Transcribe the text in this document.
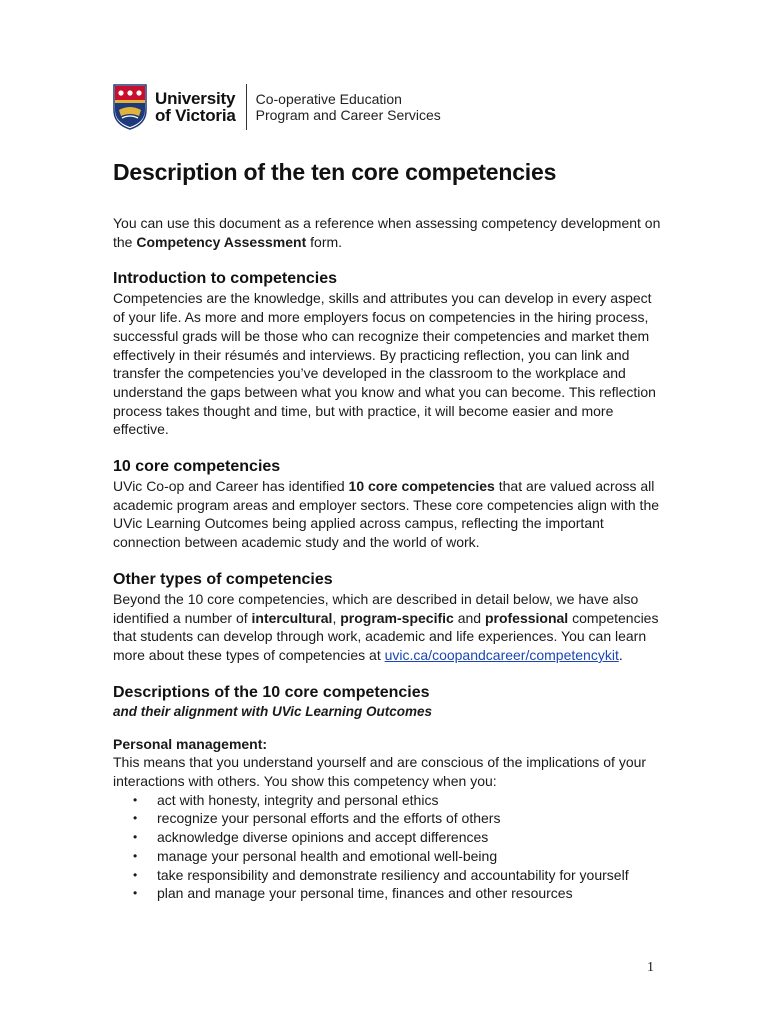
University
of Victoria
Co-operative Education
Program and Career Services
Description of the ten core competencies

You can use this document as a reference when assessing competency development on the Competency Assessment form.

Introduction to competencies

Competencies are the knowledge, skills and attributes you can develop in every aspect of your life. As more and more employers focus on competencies in the hiring process, successful grads will be those who can recognize their competencies and market them effectively in their résumés and interviews. By practicing reflection, you can link and transfer the competencies you’ve developed in the classroom to the workplace and understand the gaps between what you know and what you can become. This reflection process takes thought and time, but with practice, it will become easier and more effective.

10 core competencies

UVic Co-op and Career has identified 10 core competencies that are valued across all academic program areas and employer sectors. These core competencies align with the UVic Learning Outcomes being applied across campus, reflecting the important connection between academic study and the world of work.

Other types of competencies

Beyond the 10 core competencies, which are described in detail below, we have also identified a number of intercultural, program-specific and professional competencies that students can develop through work, academic and life experiences. You can learn more about these types of competencies at uvic.ca/coopandcareer/competencykit.

Descriptions of the 10 core competencies
and their alignment with UVic Learning Outcomes
Personal management:

This means that you understand yourself and are conscious of the implications of your interactions with others. You show this competency when you:

• act with honesty, integrity and personal ethics
• recognize your personal efforts and the efforts of others
• acknowledge diverse opinions and accept differences
• manage your personal health and emotional well-being
• take responsibility and demonstrate resiliency and accountability for yourself
• plan and manage your personal time, finances and other resources
1
